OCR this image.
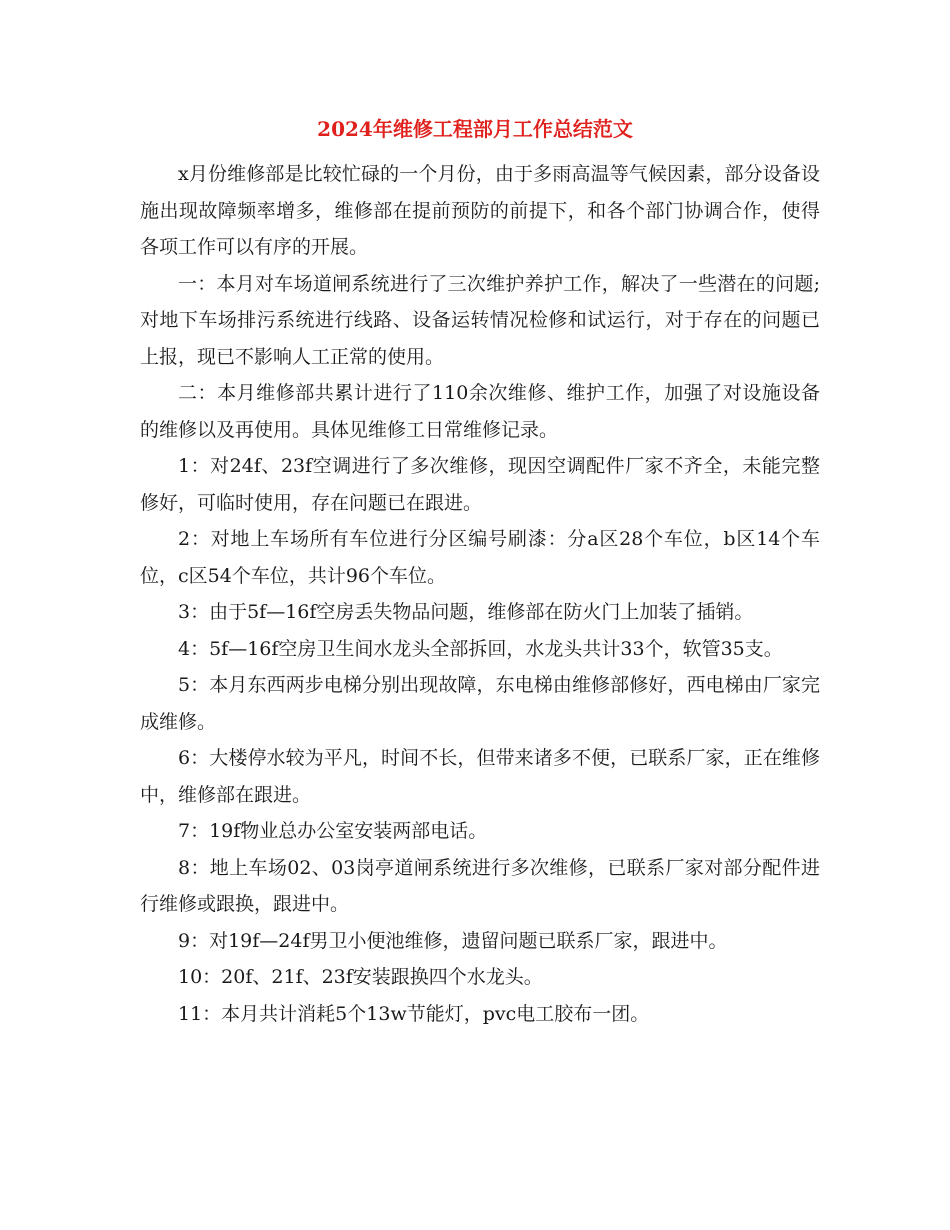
2024年维修工程部月工作总结范文

x月份维修部是比较忙碌的一个月份，由于多雨高温等气候因素，部分设备设施出现故障频率增多，维修部在提前预防的前提下，和各个部门协调合作，使得各项工作可以有序的开展。

一：本月对车场道闸系统进行了三次维护养护工作，解决了一些潜在的问题;对地下车场排污系统进行线路、设备运转情况检修和试运行，对于存在的问题已上报，现已不影响人工正常的使用。

二：本月维修部共累计进行了110余次维修、维护工作，加强了对设施设备的维修以及再使用。具体见维修工日常维修记录。

1：对24f、23f空调进行了多次维修，现因空调配件厂家不齐全，未能完整修好，可临时使用，存在问题已在跟进。

2：对地上车场所有车位进行分区编号刷漆：分a区28个车位，b区14个车位，c区54个车位，共计96个车位。

3：由于5f—16f空房丢失物品问题，维修部在防火门上加装了插销。

4：5f—16f空房卫生间水龙头全部拆回，水龙头共计33个，软管35支。

5：本月东西两步电梯分别出现故障，东电梯由维修部修好，西电梯由厂家完成维修。

6：大楼停水较为平凡，时间不长，但带来诸多不便，已联系厂家，正在维修中，维修部在跟进。

7：19f物业总办公室安装两部电话。

8：地上车场02、03岗亭道闸系统进行多次维修，已联系厂家对部分配件进行维修或跟换，跟进中。

9：对19f—24f男卫小便池维修，遗留问题已联系厂家，跟进中。

10：20f、21f、23f安装跟换四个水龙头。

11：本月共计消耗5个13w节能灯，pvc电工胶布一团。
